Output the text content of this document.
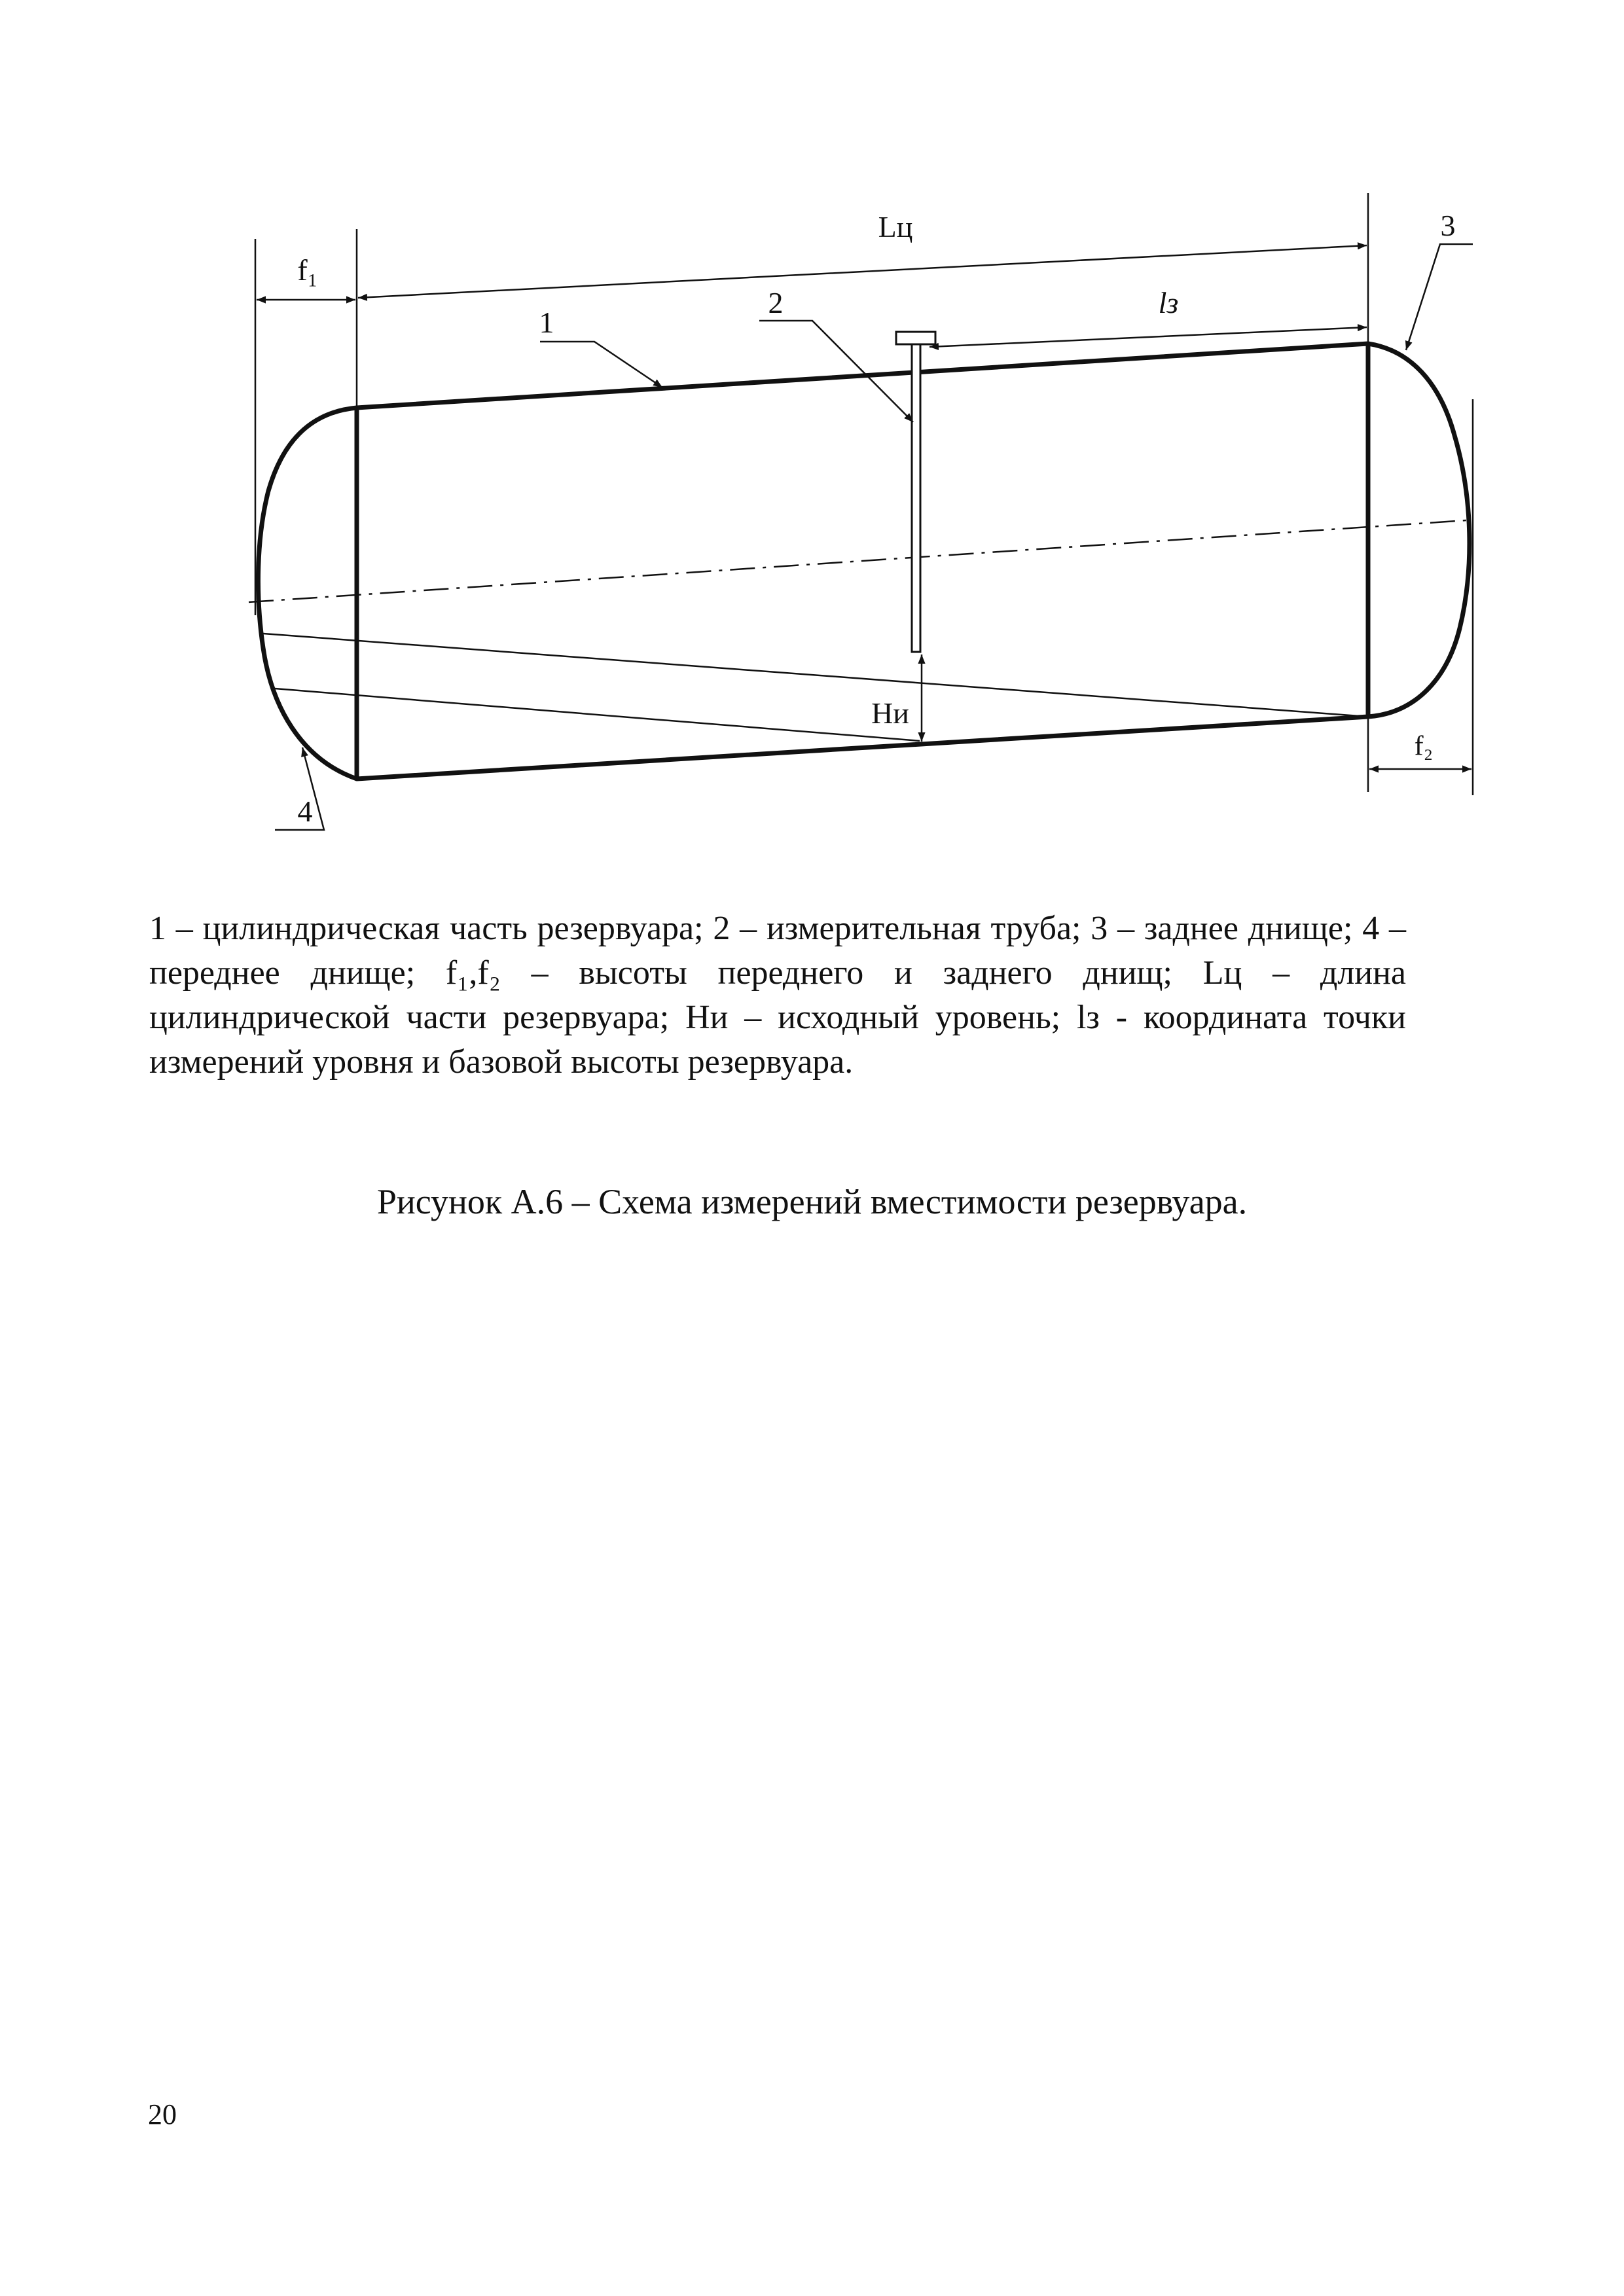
Lц
f₁
1
2
3
lз
Hи
f₂
4
1 – цилиндрическая часть резервуара; 2 – измерительная труба; 3 – заднее днище; 4 – переднее днище; f₁,f₂ – высоты переднего и заднего днищ; Lц – длина цилиндрической части резервуара; Hи – исходный уровень; lз - координата точки измерений уровня и базовой высоты резервуара.
Рисунок А.6 – Схема измерений вместимости резервуара.
20
